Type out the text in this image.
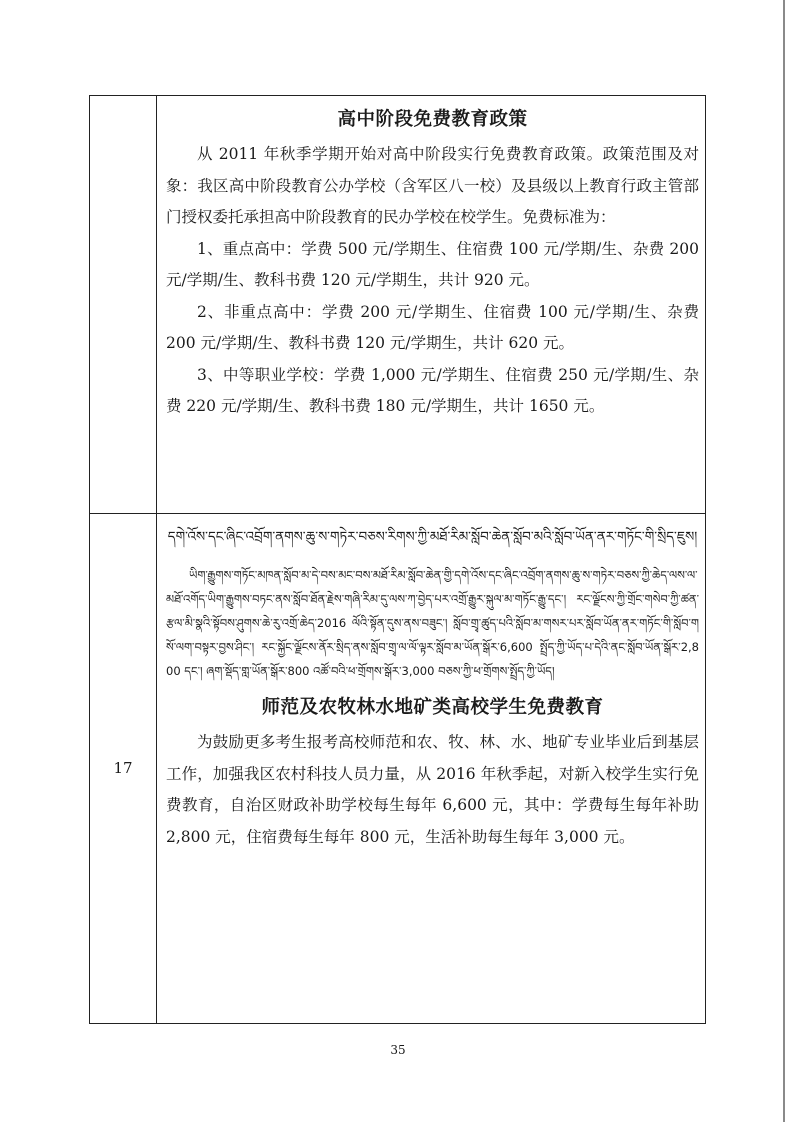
高中阶段免费教育政策

从 2011 年秋季学期开始对高中阶段实行免费教育政策。政策范围及对象：我区高中阶段教育公办学校（含军区八一校）及县级以上教育行政主管部门授权委托承担高中阶段教育的民办学校在校学生。免费标准为：

1、重点高中：学费 500 元/学期生、住宿费 100 元/学期/生、杂费 200 元/学期/生、教科书费 120 元/学期生，共计 920 元。

2、非重点高中：学费 200 元/学期生、住宿费 100 元/学期/生、杂费 200 元/学期/生、教科书费 120 元/学期生，共计 620 元。

3、中等职业学校：学费 1,000 元/学期生、住宿费 250 元/学期/生、杂费 220 元/学期/生、教科书费 180 元/学期生，共计 1650 元。

17
དགེ་འོས་དང་ཞིང་འབྲོག་ནགས་ཆུ་ས་གཏེར་བཅས་རིགས་ཀྱི་མཐོ་རིམ་སློབ་ཆེན་སློབ་མའི་སློབ་ཡོན་ནར་གཏོང་གི་སྲིད་ཇུས།

ཡིག་རྒྱུགས་གཏོང་མཁན་སློབ་མ་དེ་བས་མང་བས་མཐོ་རིམ་སློབ་ཆེན་གྱི་དགེ་འོས་དང་ཞིང་འབྲོག་ནགས་ཆུ་ས་གཏེར་བཅས་ཀྱི་ཆེད་ལས་ལ་མཐོ་འགོད་ཡིག་རྒྱུགས་བཏང་ནས་སློབ་ཐོན་རྗེས་གཞི་རིམ་དུ་ལས་ཀ་བྱེད་པར་འགྲོ་རྒྱུར་སྐུལ་མ་གཏོང་རྒྱུ་དང་། རང་ལྗོངས་ཀྱི་གྲོང་གསེབ་ཀྱི་ཚན་རྩལ་མི་སྣའི་སྟོབས་ཤུགས་ཆེ་རུ་འགྲོ་ཆེད་2016 ལོའི་སྟོན་དུས་ནས་བཟུང་། སློབ་གྲྭ་ཚུད་པའི་སློབ་མ་གསར་པར་སློབ་ཡོན་ནར་གཏོང་གི་སློབ་གསོ་ལག་བསྟར་བྱས་ཤིང་། རང་སྐྱོང་ལྗོངས་ནོར་སྲིད་ནས་སློབ་གྲྭ་ལ་ལོ་ལྟར་སློབ་མ་ཡོན་སྒོར་6,600 སྤྲོད་ཀྱི་ཡོད་པ་དེའི་ནང་སློབ་ཡོན་སྒོར་2,800 དང་། ཞག་སྡོད་གླ་ཡོན་སྒོར་800 འཚོ་བའི་ཕ་གྲོགས་སྒོར་3,000 བཅས་ཀྱི་ཕ་གྲོགས་སྤྲོད་ཀྱི་ཡོད།

师范及农牧林水地矿类高校学生免费教育

为鼓励更多考生报考高校师范和农、牧、林、水、地矿专业毕业后到基层工作，加强我区农村科技人员力量，从 2016 年秋季起，对新入校学生实行免费教育，自治区财政补助学校每生每年 6,600 元，其中：学费每生每年补助 2,800 元，住宿费每生每年 800 元，生活补助每生每年 3,000 元。

35
